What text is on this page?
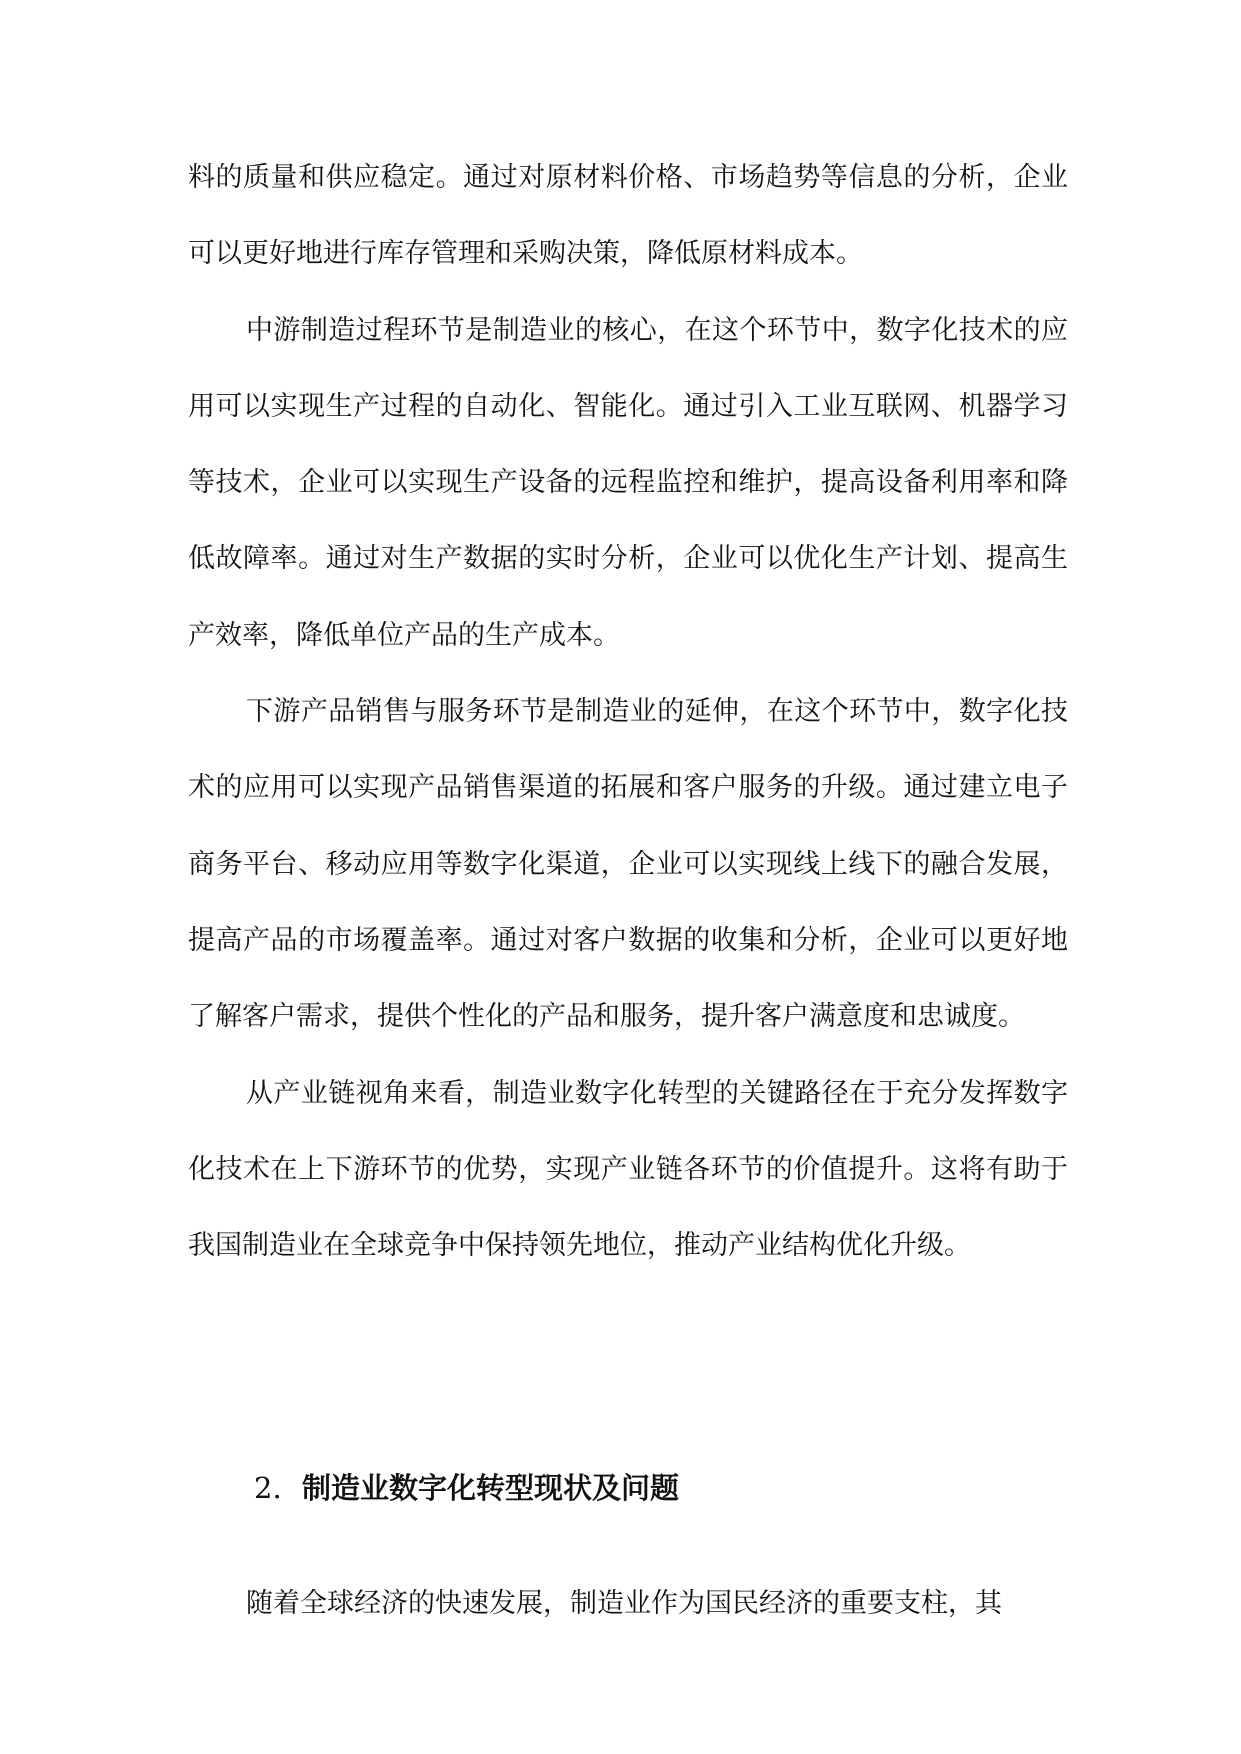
料的质量和供应稳定。通过对原材料价格、市场趋势等信息的分析，企业可以更好地进行库存管理和采购决策，降低原材料成本。

中游制造过程环节是制造业的核心，在这个环节中，数字化技术的应用可以实现生产过程的自动化、智能化。通过引入工业互联网、机器学习等技术，企业可以实现生产设备的远程监控和维护，提高设备利用率和降低故障率。通过对生产数据的实时分析，企业可以优化生产计划、提高生产效率，降低单位产品的生产成本。

下游产品销售与服务环节是制造业的延伸，在这个环节中，数字化技术的应用可以实现产品销售渠道的拓展和客户服务的升级。通过建立电子商务平台、移动应用等数字化渠道，企业可以实现线上线下的融合发展，提高产品的市场覆盖率。通过对客户数据的收集和分析，企业可以更好地了解客户需求，提供个性化的产品和服务，提升客户满意度和忠诚度。

从产业链视角来看，制造业数字化转型的关键路径在于充分发挥数字化技术在上下游环节的优势，实现产业链各环节的价值提升。这将有助于我国制造业在全球竞争中保持领先地位，推动产业结构优化升级。

2. 制造业数字化转型现状及问题

随着全球经济的快速发展，制造业作为国民经济的重要支柱，其
